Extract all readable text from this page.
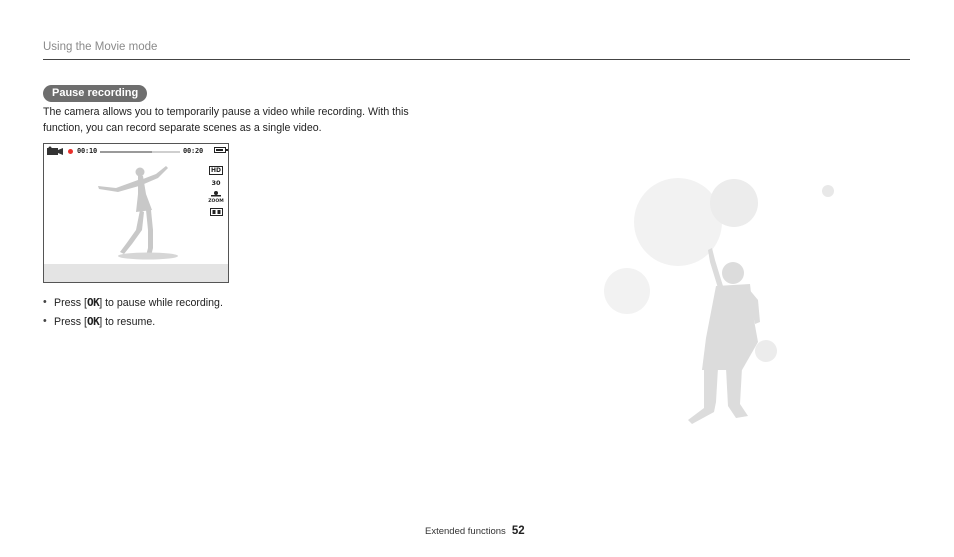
Using the Movie mode
Pause recording
The camera allows you to temporarily pause a video while recording. With this function, you can record separate scenes as a single video.
00:10	00:20
HD
30
ZOOM
• Press [OK] to pause while recording.
• Press [OK] to resume.
Extended functions 52
